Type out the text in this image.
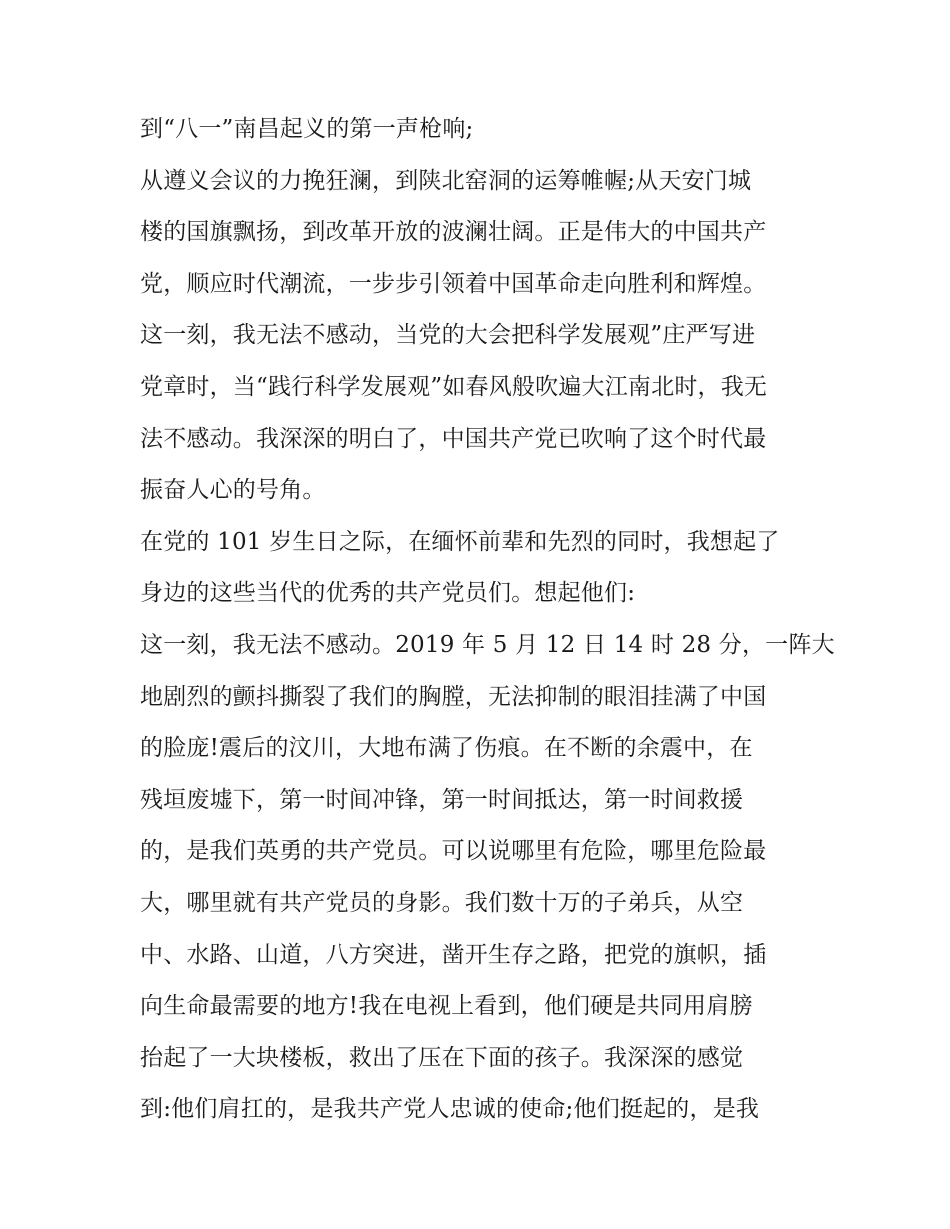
到“八一”南昌起义的第一声枪响;
从遵义会议的力挽狂澜，到陕北窑洞的运筹帷幄;从天安门城
楼的国旗飘扬，到改革开放的波澜壮阔。正是伟大的中国共产
党，顺应时代潮流，一步步引领着中国革命走向胜利和辉煌。
这一刻，我无法不感动，当党的大会把科学发展观”庄严写进
党章时，当“践行科学发展观”如春风般吹遍大江南北时，我无
法不感动。我深深的明白了，中国共产党已吹响了这个时代最
振奋人心的号角。
在党的 101 岁生日之际，在缅怀前辈和先烈的同时，我想起了
身边的这些当代的优秀的共产党员们。想起他们:
这一刻，我无法不感动。2019 年 5 月 12 日 14 时 28 分，一阵大
地剧烈的颤抖撕裂了我们的胸膛，无法抑制的眼泪挂满了中国
的脸庞!震后的汶川，大地布满了伤痕。在不断的余震中，在
残垣废墟下，第一时间冲锋，第一时间抵达，第一时间救援
的，是我们英勇的共产党员。可以说哪里有危险，哪里危险最
大，哪里就有共产党员的身影。我们数十万的子弟兵，从空
中、水路、山道，八方突进，凿开生存之路，把党的旗帜，插
向生命最需要的地方!我在电视上看到，他们硬是共同用肩膀
抬起了一大块楼板，救出了压在下面的孩子。我深深的感觉
到:他们肩扛的，是我共产党人忠诚的使命;他们挺起的，是我
